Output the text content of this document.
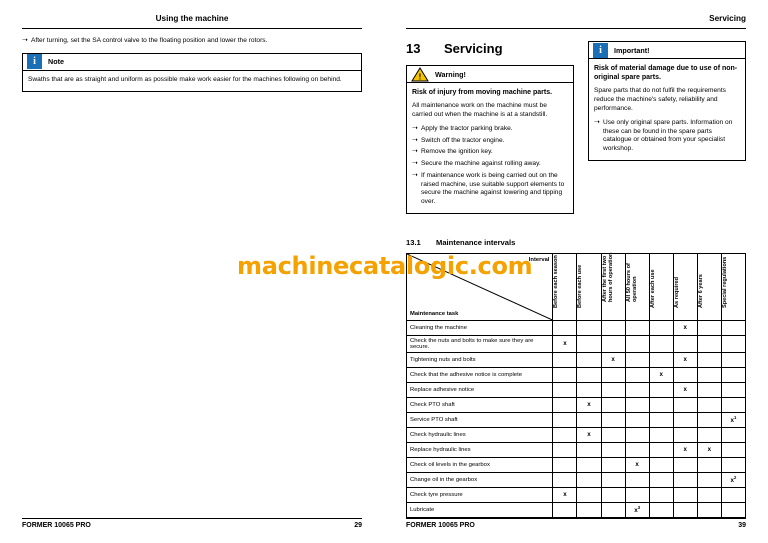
Using the machine
➝ After turning, set the SA control valve to the floating position and lower the rotors.
i	Note

Swaths that are as straight and uniform as possible make work easier for the machines following on behind.

FORMER 10065 PRO	29
Servicing
13	Servicing
! Warning!

Risk of injury from moving machine parts.

All maintenance work on the machine must be carried out when the machine is at a standstill.

➝ Apply the tractor parking brake.
➝ Switch off the tractor engine.
➝ Remove the ignition key.
➝ Secure the machine against rolling away.
➝ If maintenance work is being carried out on the raised machine, use suitable support elements to secure the machine against lowering and tipping over.
i	Important!

Risk of material damage due to use of non-original spare parts.

Spare parts that do not fulfil the requirements reduce the machine's safety, reliability and performance.

➝ Use only original spare parts. Information on these can be found in the spare parts catalogue or obtained from your specialist workshop.
13.1	Maintenance intervals
Interval
Maintenance task	Before each season	Before each use	After the first two hours of operation	All 50 hours of operation	After each use	As required	After 6 years	Special regulations

Cleaning the machine						x		
Check the nuts and bolts to make sure they are secure.	x							
Tightening nuts and bolts			x			x		
Check that the adhesive notice is complete					x			
Replace adhesive notice						x		
Check PTO shaft		x						
Service PTO shaft								$x^1$
Check hydraulic lines		x						
Replace hydraulic lines						x	x	
Check oil levels in the gearbox				x				
Change oil in the gearbox								$x^2$
Check tyre pressure	x							
Lubricate				$x^3$				
FORMER 10065 PRO	39
machinecatalogic.com
